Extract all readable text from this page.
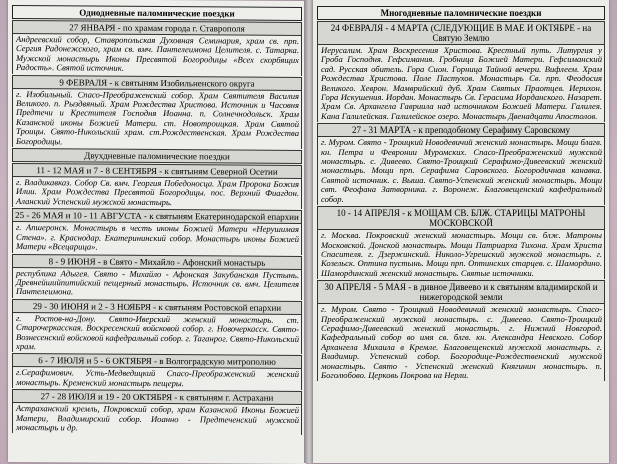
Одиодневные паломнические поездки
27 ЯНВАРЯ - по храмам города г. Ставрополя
Андреевский собор, Ставропольская Духовная Семинария, храм св. прп. Сергия Радонежского, храм св. вмч. Пантелеимона Целителя. с. Татарка. Мужской монастырь Иконы Пресвятой Богородицы «Всех скорбящих Радость». Святой источник.
9 ФЕВРАЛЯ - к святыням Изобильненского округа
г. Изобильный. Спасо-Преображенский собор. Храм Святителя Василия Великого. п. Рыздвяный. Храм Рождества Христова. Источник и Часовня Предтечи и Крестителя Господня Иоанна. п. Солнечнодольск. Храм Казанской иконы Божией Матери. ст. Новотроицкая. Храм Святой Троицы. Свято-Никольский храм. ст.Рождественская. Храм Рождества Богородицы.
Двухдневные паломнические поездки
11 - 12 МАЯ и 7 - 8 СЕНТЯБРЯ - к святыням Северной Осетии
г. Владикавказ. Собор Св. вмч. Георгия Победоносца. Храм Пророка Божия Илии. Храм Рождества Пресвятой Богородицы. пос. Верхний Фиагдон. Аланский Успенский мужской монастырь.
25 - 26 МАЯ и 10 - 11 АВГУСТА - к святыням Екатеринодарской епархии
г. Апшеронск. Монастырь в честь иконы Божией Матери «Нерушимая Стена». г. Краснодар. Екатерининский собор. Монастырь иконы Божией Матери «Всецарица».
8 - 9 ИЮНЯ - в Свято - Михайло - Афонский монастырь
республика Адыгея. Свято - Михайло - Афонская Закубанская Пустынь. Древнейшийпитийский пещерный монастырь. Источник св. вмч. Целителя Пантелеимона.
29 - 30 ИЮНЯ и 2 - 3 НОЯБРЯ - к святыням Ростовской епархии
г. Ростов-на-Дону. Свято-Иверский женский монастырь. ст. Старочеркасская. Воскресенский войсковой собор. г. Новочеркасск. Свято-Вознесенский войсковой кафедральный собор. г. Таганрог. Свято-Никольский храм.
6 - 7 ИЮЛЯ и 5 - 6 ОКТЯБРЯ - в Волгоградскую митрополию
г.Серафимович. Усть-Медведицкий Спасо-Преображенский женский монастырь. Кременский монастырь пещеры.
27 - 28 ИЮЛЯ и 19 - 20 ОКТЯБРЯ - к святыням г. Астрахани
Астраханский кремль, Покровский собор, храм Казанской Иконы Божией Матери, Владимирский собор. Иоанно - Предтеченский мужской монастырь и др.
Многодневные паломнические поездки
24 ФЕВРАЛЯ - 4 МАРТА (СЛЕДУЮЩИЕ В МАЕ И ОКТЯБРЕ - на Святую Землю
Иерусалим. Храм Воскресения Христова. Крестный путь. Литургия у Гроба Господня. Гефсимания. Гробница Божией Матери. Гефсиманский сад. Русская обитель. Гора Сион. Горница Тайной вечери. Вифлеем. Храм Рождества Христова. Поле Пастухов. Монастырь Св. прп. Феодосия Великого. Хеврон. Мамврийский дуб. Храм Святых Праотцев. Иерихон. Гора Искушения. Иордан. Монастырь Св. Герасима Иорданского. Назарет. Храм Св. Архангела Гавриила над источником Божией Матери. Галилея. Кана Галилейская. Галилейское озеро. Монастырь Двенадцати Апостолов.
27 - 31 МАРТА - к преподобному Серафиму Саровскому
г. Муром. Свято - Троицкий Новодевичий женский монастырь. Мощи благв. кн. Петра и Февронии Муромских. Спасо-Преображенский мужской монастырь. с. Дивеево. Свято-Троицкий Серафимо-Дивеевский женский монастырь. Мощи прп. Серафима Саровского. Богородичная канавка. Святой источник. с. Выша. Свято-Успенский женский монастырь. Мощи свт. Феофана Затворника. г. Воронеж. Благовещенский кафедральный собор.
10 - 14 АПРЕЛЯ - к МОЩАМ СВ. БЛЖ. СТАРИЦЫ МАТРОНЫ МОСКОВСКОЙ
г. Москва. Покровский женский монастырь. Мощи св. блж. Матроны Московской. Донской монастырь. Мощи Патриарха Тихона. Храм Христа Спасителя. г. Дзержинский. Николо-Угрешский мужской монастырь. г. Козельск. Оптина пустынь. Мощи прп. Оптинских старцев. с. Шамордино. Шамординский женский монастырь. Святые источники.
30 АПРЕЛЯ - 5 МАЯ - в дивное Дивеево и к святыням владимирской и нижегородской земли
г. Муром. Свято - Троицкий Новодевичий женский монастырь. Спасо-Преображенский мужской монастырь. с. Дивеево. Свято-Троицкий Серафимо-Дивеевский женский монастырь. г. Нижний Новгород. Кафедральный собор во имя св. блгв. кн. Александра Невского. Собор Архангела Михаила в Кремле. Благовещенский мужской монастырь. г. Владимир. Успенский собор. Богородице-Рождественский мужской монастырь. Свято - Успенский женский Княгинин монастырь. п. Боголюбово. Церковь Покрова на Нерли.
